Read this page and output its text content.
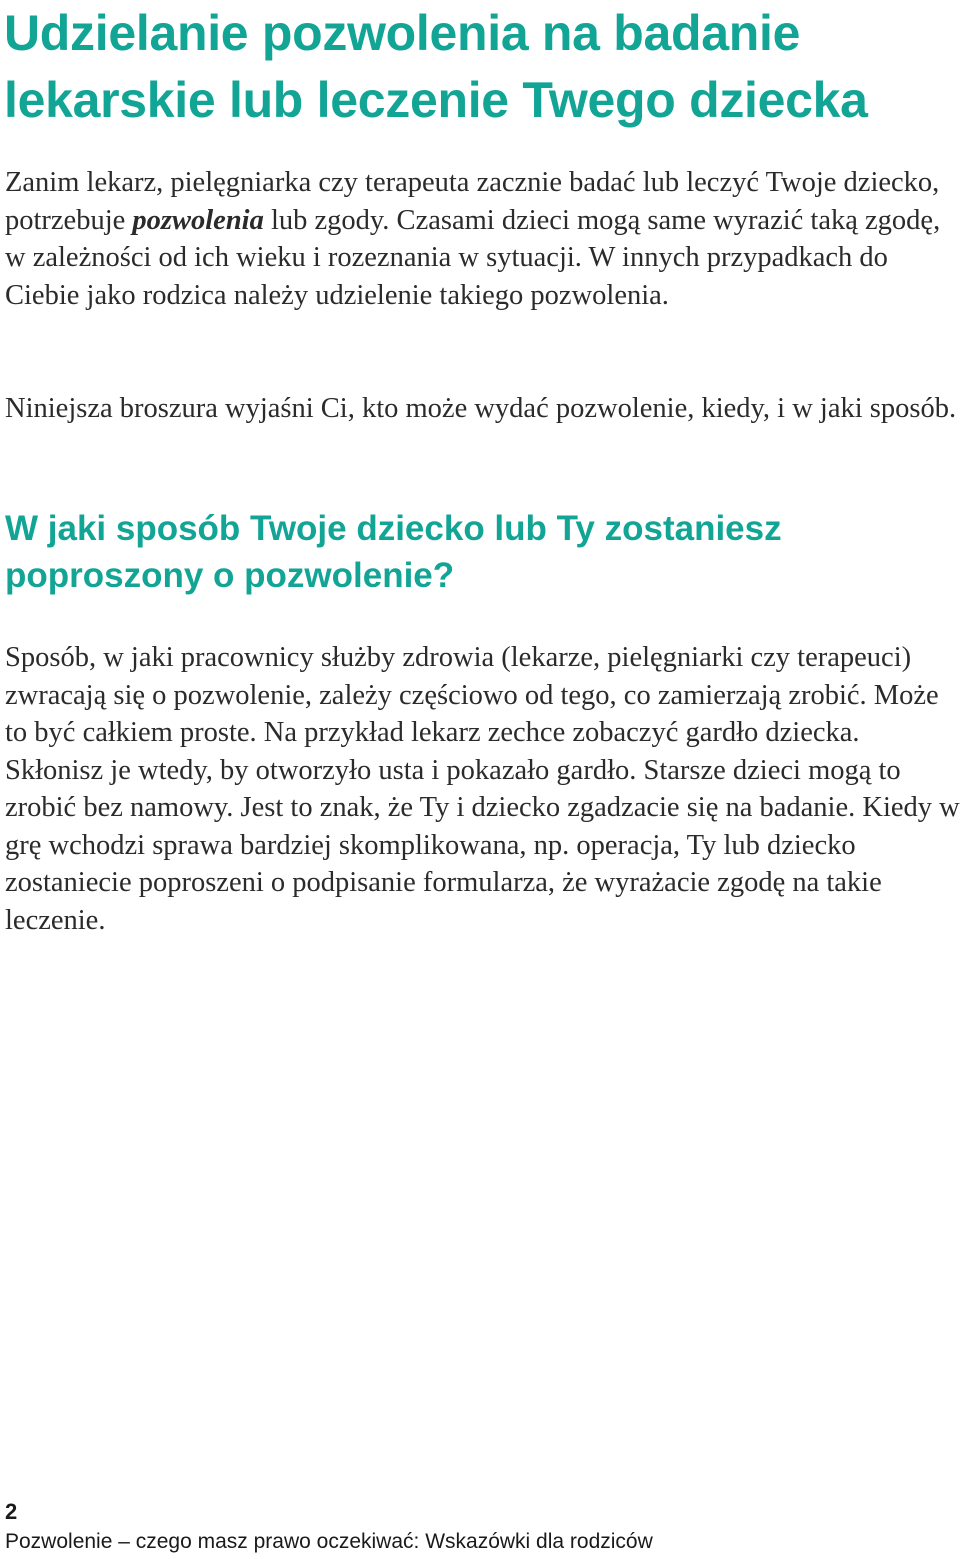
Udzielanie pozwolenia na badanie lekarskie lub leczenie Twego dziecka

Zanim lekarz, pielęgniarka czy terapeuta zacznie badać lub leczyć Twoje dziecko, potrzebuje pozwolenia lub zgody. Czasami dzieci mogą same wyrazić taką zgodę, w zależności od ich wieku i rozeznania w sytuacji. W innych przypadkach do Ciebie jako rodzica należy udzielenie takiego pozwolenia.

Niniejsza broszura wyjaśni Ci, kto może wydać pozwolenie, kiedy, i w jaki sposób.

W jaki sposób Twoje dziecko lub Ty zostaniesz poproszony o pozwolenie?

Sposób, w jaki pracownicy służby zdrowia (lekarze, pielęgniarki czy terapeuci) zwracają się o pozwolenie, zależy częściowo od tego, co zamierzają zrobić. Może to być całkiem proste. Na przykład lekarz zechce zobaczyć gardło dziecka. Skłonisz je wtedy, by otworzyło usta i pokazało gardło. Starsze dzieci mogą to zrobić bez namowy. Jest to znak, że Ty i dziecko zgadzacie się na badanie. Kiedy w grę wchodzi sprawa bardziej skomplikowana, np. operacja, Ty lub dziecko zostaniecie poproszeni o podpisanie formularza, że wyrażacie zgodę na takie leczenie.

2
Pozwolenie – czego masz prawo oczekiwać: Wskazówki dla rodziców
